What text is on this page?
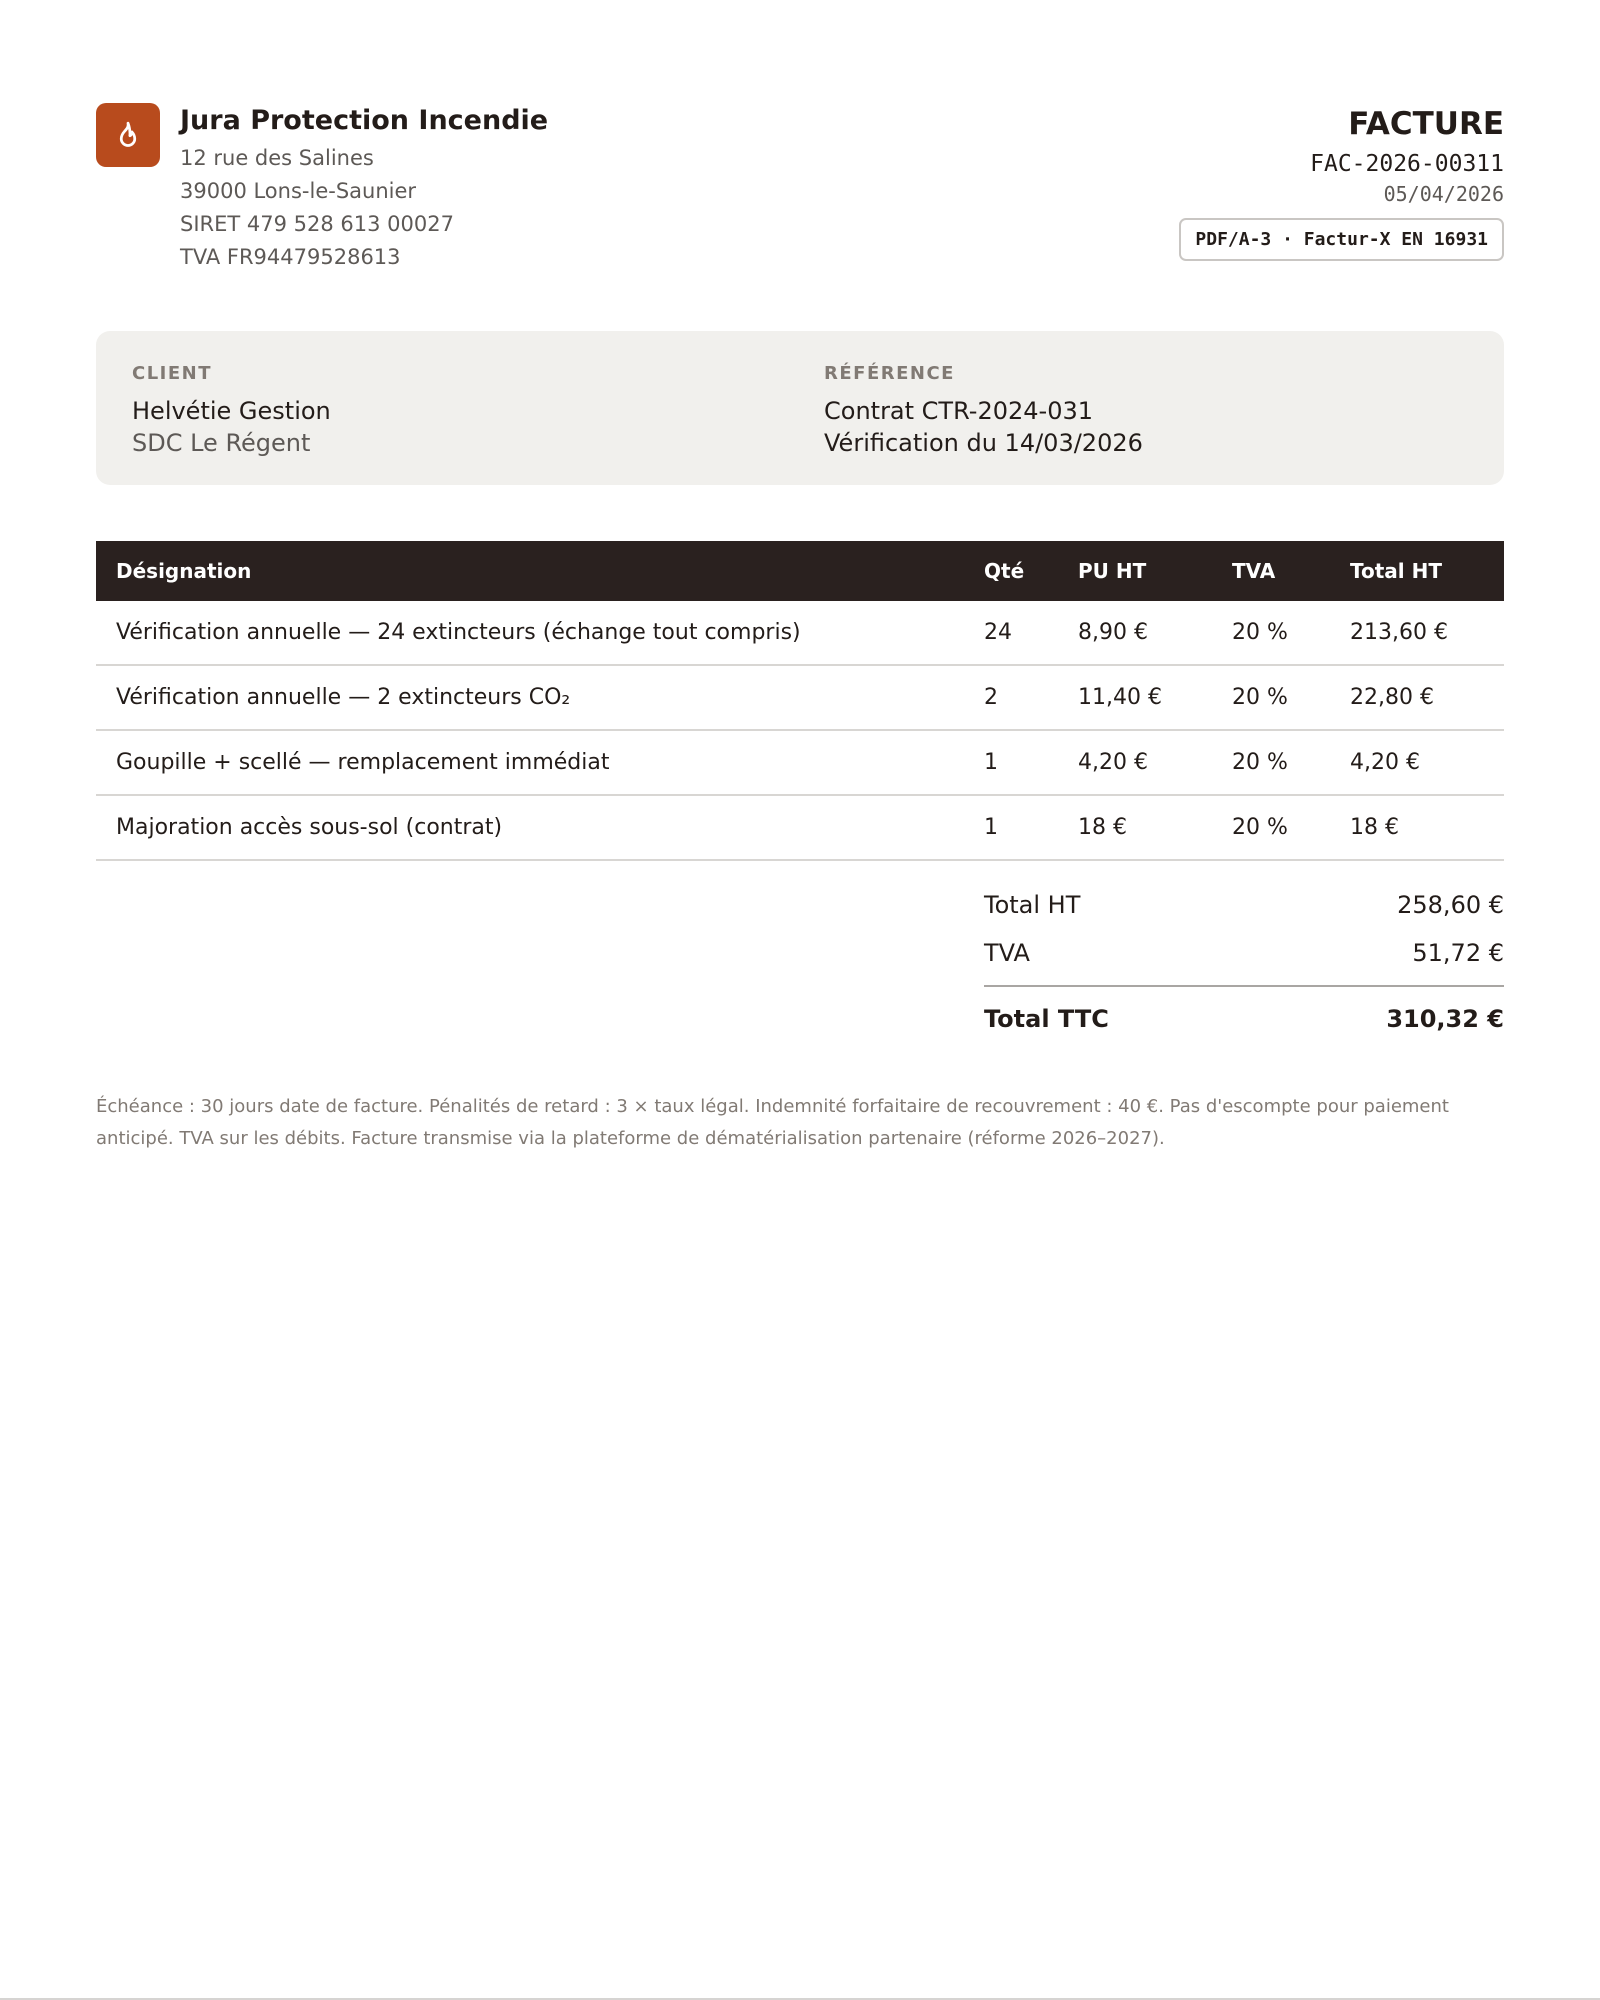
Jura Protection Incendie
12 rue des Salines
39000 Lons-le-Saunier
SIRET 479 528 613 00027
TVA FR94479528613
FACTURE
FAC-2026-00311
05/04/2026
PDF/A-3 · Factur-X EN 16931
CLIENT
Helvétie Gestion
SDC Le Régent
RÉFÉRENCE
Contrat CTR-2024-031
Vérification du 14/03/2026
Désignation	Qté	PU HT	TVA	Total HT
Vérification annuelle — 24 extincteurs (échange tout compris)	24	8,90 €	20 %	213,60 €
Vérification annuelle — 2 extincteurs CO₂	2	11,40 €	20 %	22,80 €
Goupille + scellé — remplacement immédiat	1	4,20 €	20 %	4,20 €
Majoration accès sous-sol (contrat)	1	18 €	20 %	18 €
Total HT	258,60 €
TVA	51,72 €
Total TTC	310,32 €
Échéance : 30 jours date de facture. Pénalités de retard : 3 × taux légal. Indemnité forfaitaire de recouvrement : 40 €. Pas d'escompte pour paiement anticipé. TVA sur les débits. Facture transmise via la plateforme de dématérialisation partenaire (réforme 2026–2027).
